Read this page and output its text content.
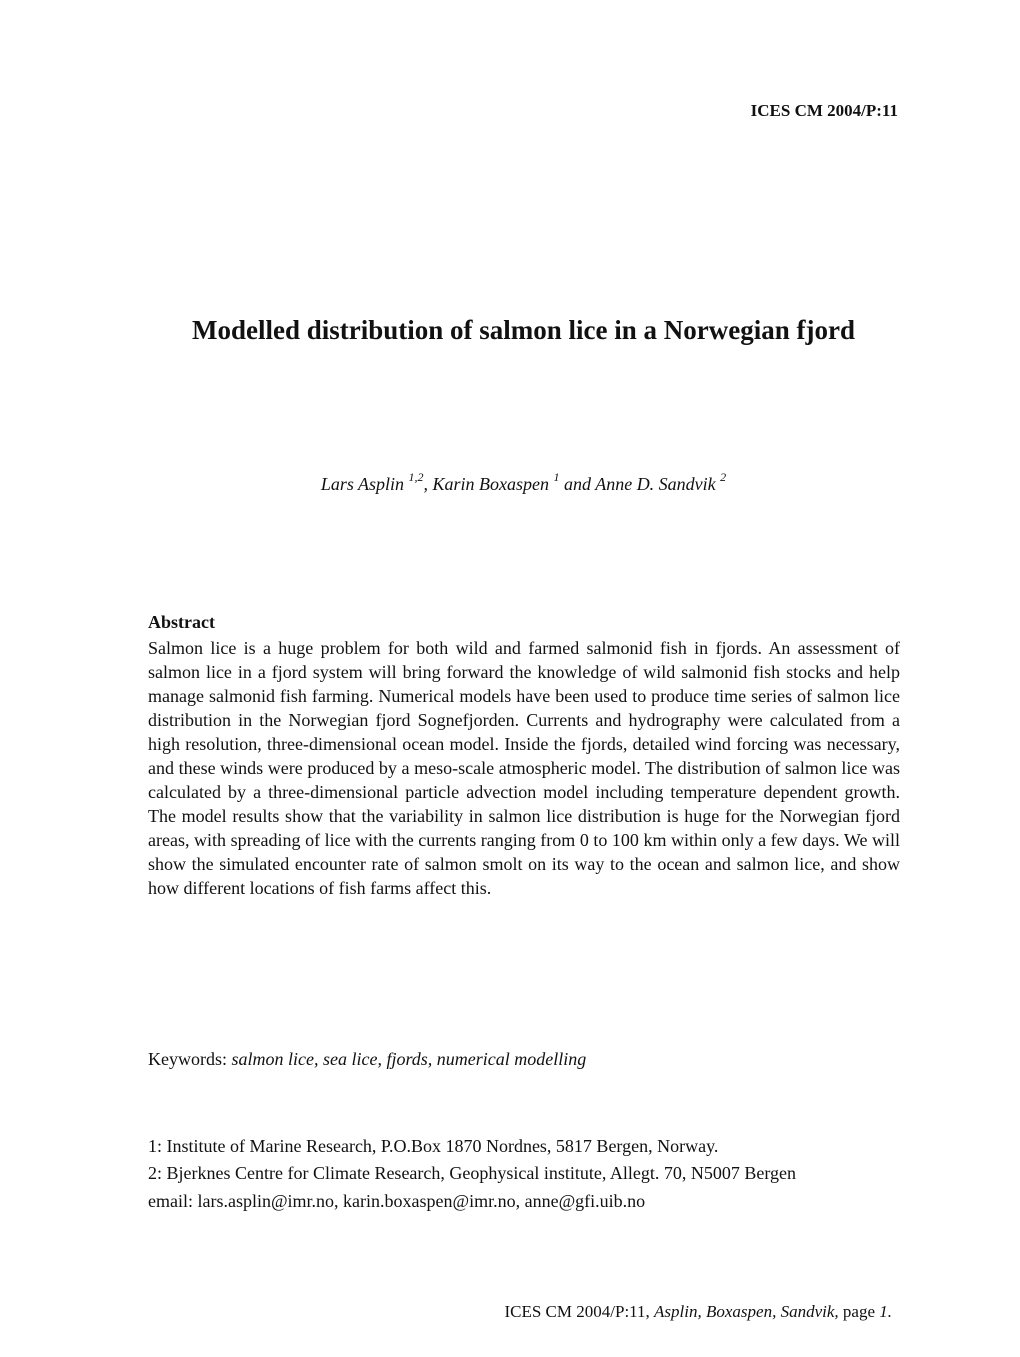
ICES CM 2004/P:11
Modelled distribution of salmon lice in a Norwegian fjord
Lars Asplin $^{1,2}$, Karin Boxaspen $^1$ and Anne D. Sandvik $^2$
Abstract

Salmon lice is a huge problem for both wild and farmed salmonid fish in fjords. An assessment of salmon lice in a fjord system will bring forward the knowledge of wild salmonid fish stocks and help manage salmonid fish farming. Numerical models have been used to produce time series of salmon lice distribution in the Norwegian fjord Sognefjorden. Currents and hydrography were calculated from a high resolution, three-dimensional ocean model. Inside the fjords, detailed wind forcing was necessary, and these winds were produced by a meso-scale atmospheric model. The distribution of salmon lice was calculated by a three-dimensional particle advection model including temperature dependent growth. The model results show that the variability in salmon lice distribution is huge for the Norwegian fjord areas, with spreading of lice with the currents ranging from 0 to 100 km within only a few days. We will show the simulated encounter rate of salmon smolt on its way to the ocean and salmon lice, and show how different locations of fish farms affect this.

Keywords: salmon lice, sea lice, fjords, numerical modelling
1: Institute of Marine Research, P.O.Box 1870 Nordnes, 5817 Bergen, Norway.
2: Bjerknes Centre for Climate Research, Geophysical institute, Allegt. 70, N5007 Bergen
email: lars.asplin@imr.no, karin.boxaspen@imr.no, anne@gfi.uib.no
ICES CM 2004/P:11, Asplin, Boxaspen, Sandvik, page 1.
